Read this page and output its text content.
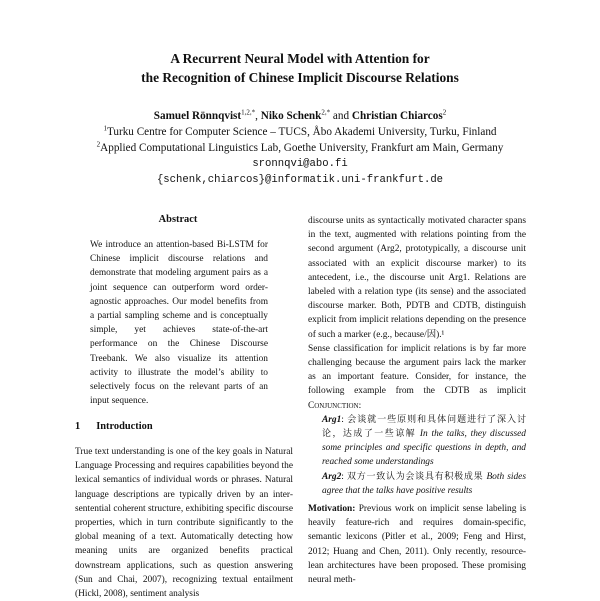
A Recurrent Neural Model with Attention for
the Recognition of Chinese Implicit Discourse Relations
Samuel Rönnqvist$^{1,2,*}$, Niko Schenk$^{2,*}$ and Christian Chiarcos$^2$
$^1$Turku Centre for Computer Science – TUCS, Åbo Akademi University, Turku, Finland
$^2$Applied Computational Linguistics Lab, Goethe University, Frankfurt am Main, Germany
sronnqvi@abo.fi
{schenk,chiarcos}@informatik.uni-frankfurt.de
Abstract
We introduce an attention-based Bi-LSTM for Chinese implicit discourse relations and demonstrate that modeling argument pairs as a joint sequence can outperform word order-agnostic approaches. Our model benefits from a partial sampling scheme and is conceptually simple, yet achieves state-of-the-art performance on the Chinese Discourse Treebank. We also visualize its attention activity to illustrate the model’s ability to selectively focus on the relevant parts of an input sequence.
1 Introduction
True text understanding is one of the key goals in Natural Language Processing and requires capabilities beyond the lexical semantics of individual words or phrases. Natural language descriptions are typically driven by an inter-sentential coherent structure, exhibiting specific discourse properties, which in turn contribute significantly to the global meaning of a text. Automatically detecting how meaning units are organized benefits practical downstream applications, such as question answering (Sun and Chai, 2007), recognizing textual entailment (Hickl, 2008), sentiment analysis

discourse units as syntactically motivated character spans in the text, augmented with relations pointing from the second argument (Arg2, prototypically, a discourse unit associated with an explicit discourse marker) to its antecedent, i.e., the discourse unit Arg1. Relations are labeled with a relation type (its sense) and the associated discourse marker. Both, PDTB and CDTB, distinguish explicit from implicit relations depending on the presence of such a marker (e.g., because/因).¹

Sense classification for implicit relations is by far more challenging because the argument pairs lack the marker as an important feature. Consider, for instance, the following example from the CDTB as implicit Conjunction:

Arg1: 会谈就一些原则和具体问题进行了深入讨论，达成了一些谅解 In the talks, they discussed some principles and specific questions in depth, and reached some understandings

Arg2: 双方一致认为会谈具有积极成果 Both sides agree that the talks have positive results

Motivation: Previous work on implicit sense labeling is heavily feature-rich and requires domain-specific, semantic lexicons (Pitler et al., 2009; Feng and Hirst, 2012; Huang and Chen, 2011). Only recently, resource-lean architectures have been proposed. These promising neural meth-
